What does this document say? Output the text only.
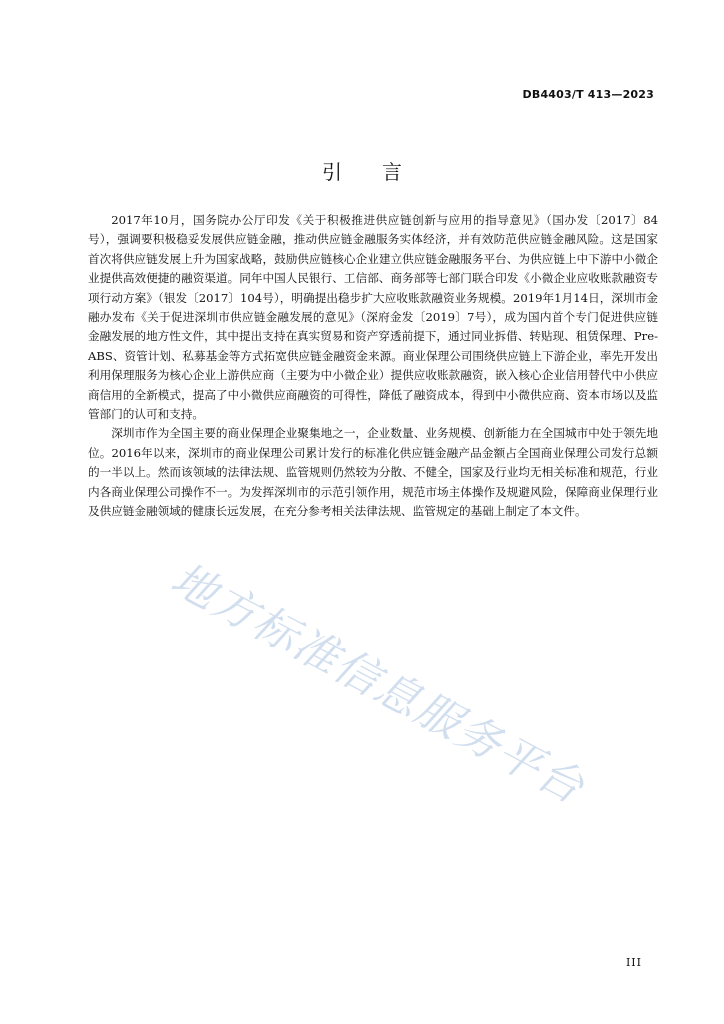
DB4403/T 413—2023
引言

2017年10月，国务院办公厅印发《关于积极推进供应链创新与应用的指导意见》（国办发〔2017〕84号），强调要积极稳妥发展供应链金融，推动供应链金融服务实体经济，并有效防范供应链金融风险。这是国家首次将供应链发展上升为国家战略，鼓励供应链核心企业建立供应链金融服务平台、为供应链上中下游中小微企业提供高效便捷的融资渠道。同年中国人民银行、工信部、商务部等七部门联合印发《小微企业应收账款融资专项行动方案》（银发〔2017〕104号），明确提出稳步扩大应收账款融资业务规模。2019年1月14日，深圳市金融办发布《关于促进深圳市供应链金融发展的意见》（深府金发〔2019〕7号），成为国内首个专门促进供应链金融发展的地方性文件，其中提出支持在真实贸易和资产穿透前提下，通过同业拆借、转贴现、租赁保理、Pre-ABS、资管计划、私募基金等方式拓宽供应链金融资金来源。商业保理公司围绕供应链上下游企业，率先开发出利用保理服务为核心企业上游供应商（主要为中小微企业）提供应收账款融资，嵌入核心企业信用替代中小供应商信用的全新模式，提高了中小微供应商融资的可得性，降低了融资成本，得到中小微供应商、资本市场以及监管部门的认可和支持。

深圳市作为全国主要的商业保理企业聚集地之一，企业数量、业务规模、创新能力在全国城市中处于领先地位。2016年以来，深圳市的商业保理公司累计发行的标准化供应链金融产品金额占全国商业保理公司发行总额的一半以上。然而该领域的法律法规、监管规则仍然较为分散、不健全，国家及行业均无相关标准和规范，行业内各商业保理公司操作不一。为发挥深圳市的示范引领作用，规范市场主体操作及规避风险，保障商业保理行业及供应链金融领域的健康长远发展，在充分参考相关法律法规、监管规定的基础上制定了本文件。

地方标准信息服务平台
III
